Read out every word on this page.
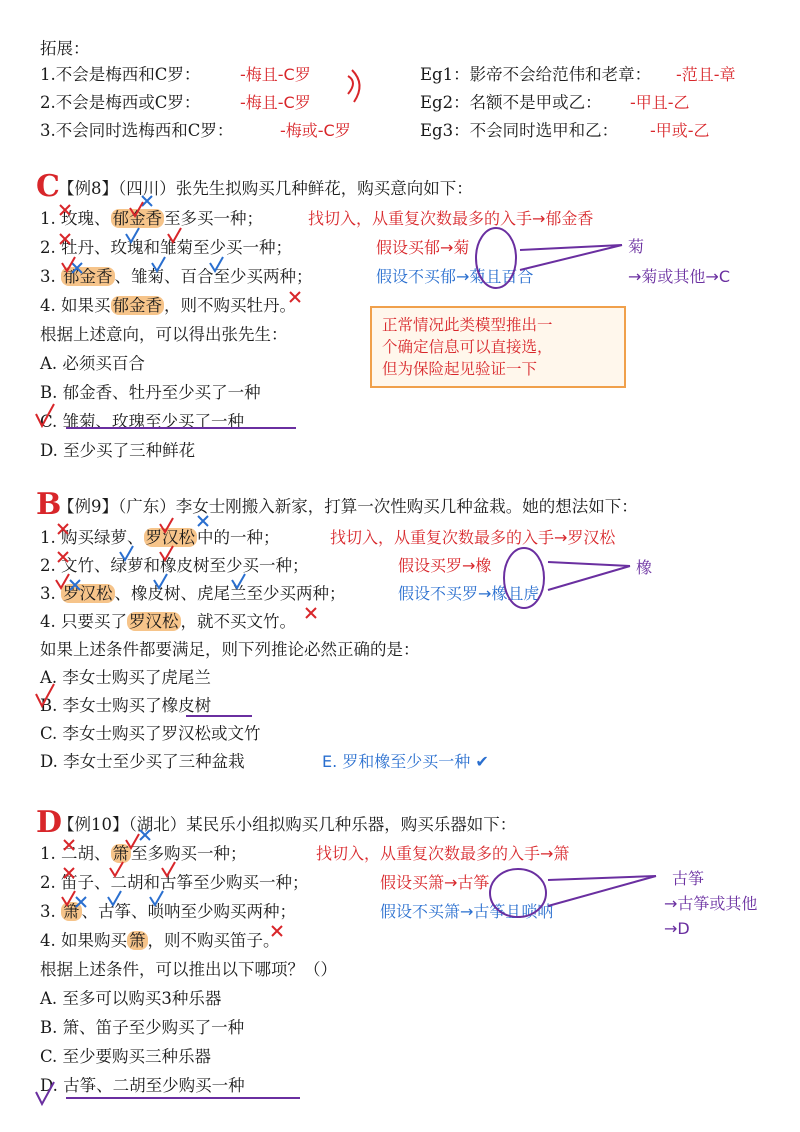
拓展：
1.不会是梅西和C罗： -梅且-C罗
2.不会是梅西或C罗： -梅且-C罗
3.不会同时选梅西和C罗：	-梅或-C罗
Eg1：影帝不会给范伟和老章： -范且-章
Eg2：名额不是甲或乙： -甲且-乙
Eg3：不会同时选甲和乙： -甲或-乙
C
【例8】（四川）张先生拟购买几种鲜花，购买意向如下：
1. 玫瑰、 郁金香 至多买一种；	找切入，从重复次数最多的入手→郁金香
2. 牡丹、玫瑰和雏菊至少买一种；	假设买郁→菊
3. 郁金香 、雏菊、百合至少买两种；	假设不买郁→菊且百合
菊
→菊或其他→C
4. 如果买 郁金香 ，则不购买牡丹。
正常情况此类模型推出一
个确定信息可以直接选，
但为保险起见验证一下
根据上述意向，可以得出张先生：
A. 必须买百合
B. 郁金香、牡丹至少买了一种
C. 雏菊、玫瑰至少买了一种
D. 至少买了三种鲜花
B
【例9】（广东）李女士刚搬入新家，打算一次性购买几种盆栽。她的想法如下：
1. 购买绿萝、 罗汉松 中的一种；	找切入，从重复次数最多的入手→罗汉松
2. 文竹、绿萝和橡皮树至少买一种；	假设买罗→橡
3. 罗汉松 、橡皮树、虎尾兰至少买两种；	假设不买罗→橡且虎
橡
4. 只要买了 罗汉松 ，就不买文竹。
如果上述条件都要满足，则下列推论必然正确的是：
A. 李女士购买了虎尾兰
B. 李女士购买了橡皮树
C. 李女士购买了罗汉松或文竹
D. 李女士至少买了三种盆栽	E. 罗和橡至少买一种 ✔
D
【例10】（湖北）某民乐小组拟购买几种乐器，购买乐器如下：
1. 二胡、 箫 至多购买一种；	找切入，从重复次数最多的入手→箫
2. 笛子、二胡和古筝至少购买一种；	假设买箫→古筝
3. 箫 、古筝、唢呐至少购买两种；	假设不买箫→古筝且唢呐
古筝
→古筝或其他
→D
4. 如果购买 箫 ，则不购买笛子。
根据上述条件，可以推出以下哪项？（）
A. 至多可以购买3种乐器
B. 箫、笛子至少购买了一种
C. 至少要购买三种乐器
D. 古筝、二胡至少购买一种
